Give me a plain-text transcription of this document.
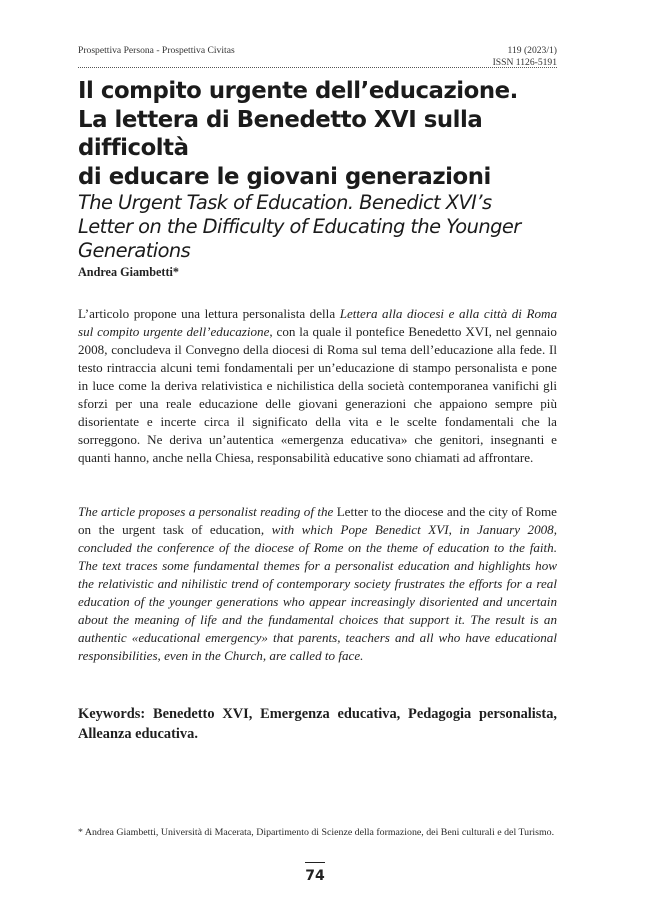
Prospettiva Persona - Prospettiva Civitas	119 (2023/1)
ISSN 1126-5191
Il compito urgente dell’educazione.
La lettera di Benedetto XVI sulla difficoltà
di educare le giovani generazioni
The Urgent Task of Education. Benedict XVI’s
Letter on the Difficulty of Educating the Younger
Generations
Andrea Giambetti*

L’articolo propone una lettura personalista della Lettera alla diocesi e alla città di Roma sul compito urgente dell’educazione, con la quale il pontefice Benedetto XVI, nel gennaio 2008, concludeva il Convegno della diocesi di Roma sul tema dell’educazione alla fede. Il testo rintraccia alcuni temi fondamentali per un’educazione di stampo personalista e pone in luce come la deriva relativistica e nichilistica della società contemporanea vanifichi gli sforzi per una reale educazione delle giovani generazioni che appaiono sempre più disorientate e incerte circa il significato della vita e le scelte fondamentali che la sorreggono. Ne deriva un’autentica «emergenza educativa» che genitori, insegnanti e quanti hanno, anche nella Chiesa, responsabilità educative sono chiamati ad affrontare.

The article proposes a personalist reading of the Letter to the diocese and the city of Rome on the urgent task of education, with which Pope Benedict XVI, in January 2008, concluded the conference of the diocese of Rome on the theme of education to the faith. The text traces some fundamental themes for a personalist education and highlights how the relativistic and nihilistic trend of contemporary society frustrates the efforts for a real education of the younger generations who appear increasingly disoriented and uncertain about the meaning of life and the fundamental choices that support it. The result is an authentic «educational emergency» that parents, teachers and all who have educational responsibilities, even in the Church, are called to face.

Keywords: Benedetto XVI, Emergenza educativa, Pedagogia personalista, Alleanza educativa.
* Andrea Giambetti, Università di Macerata, Dipartimento di Scienze della formazione, dei Beni culturali e del Turismo.
74
